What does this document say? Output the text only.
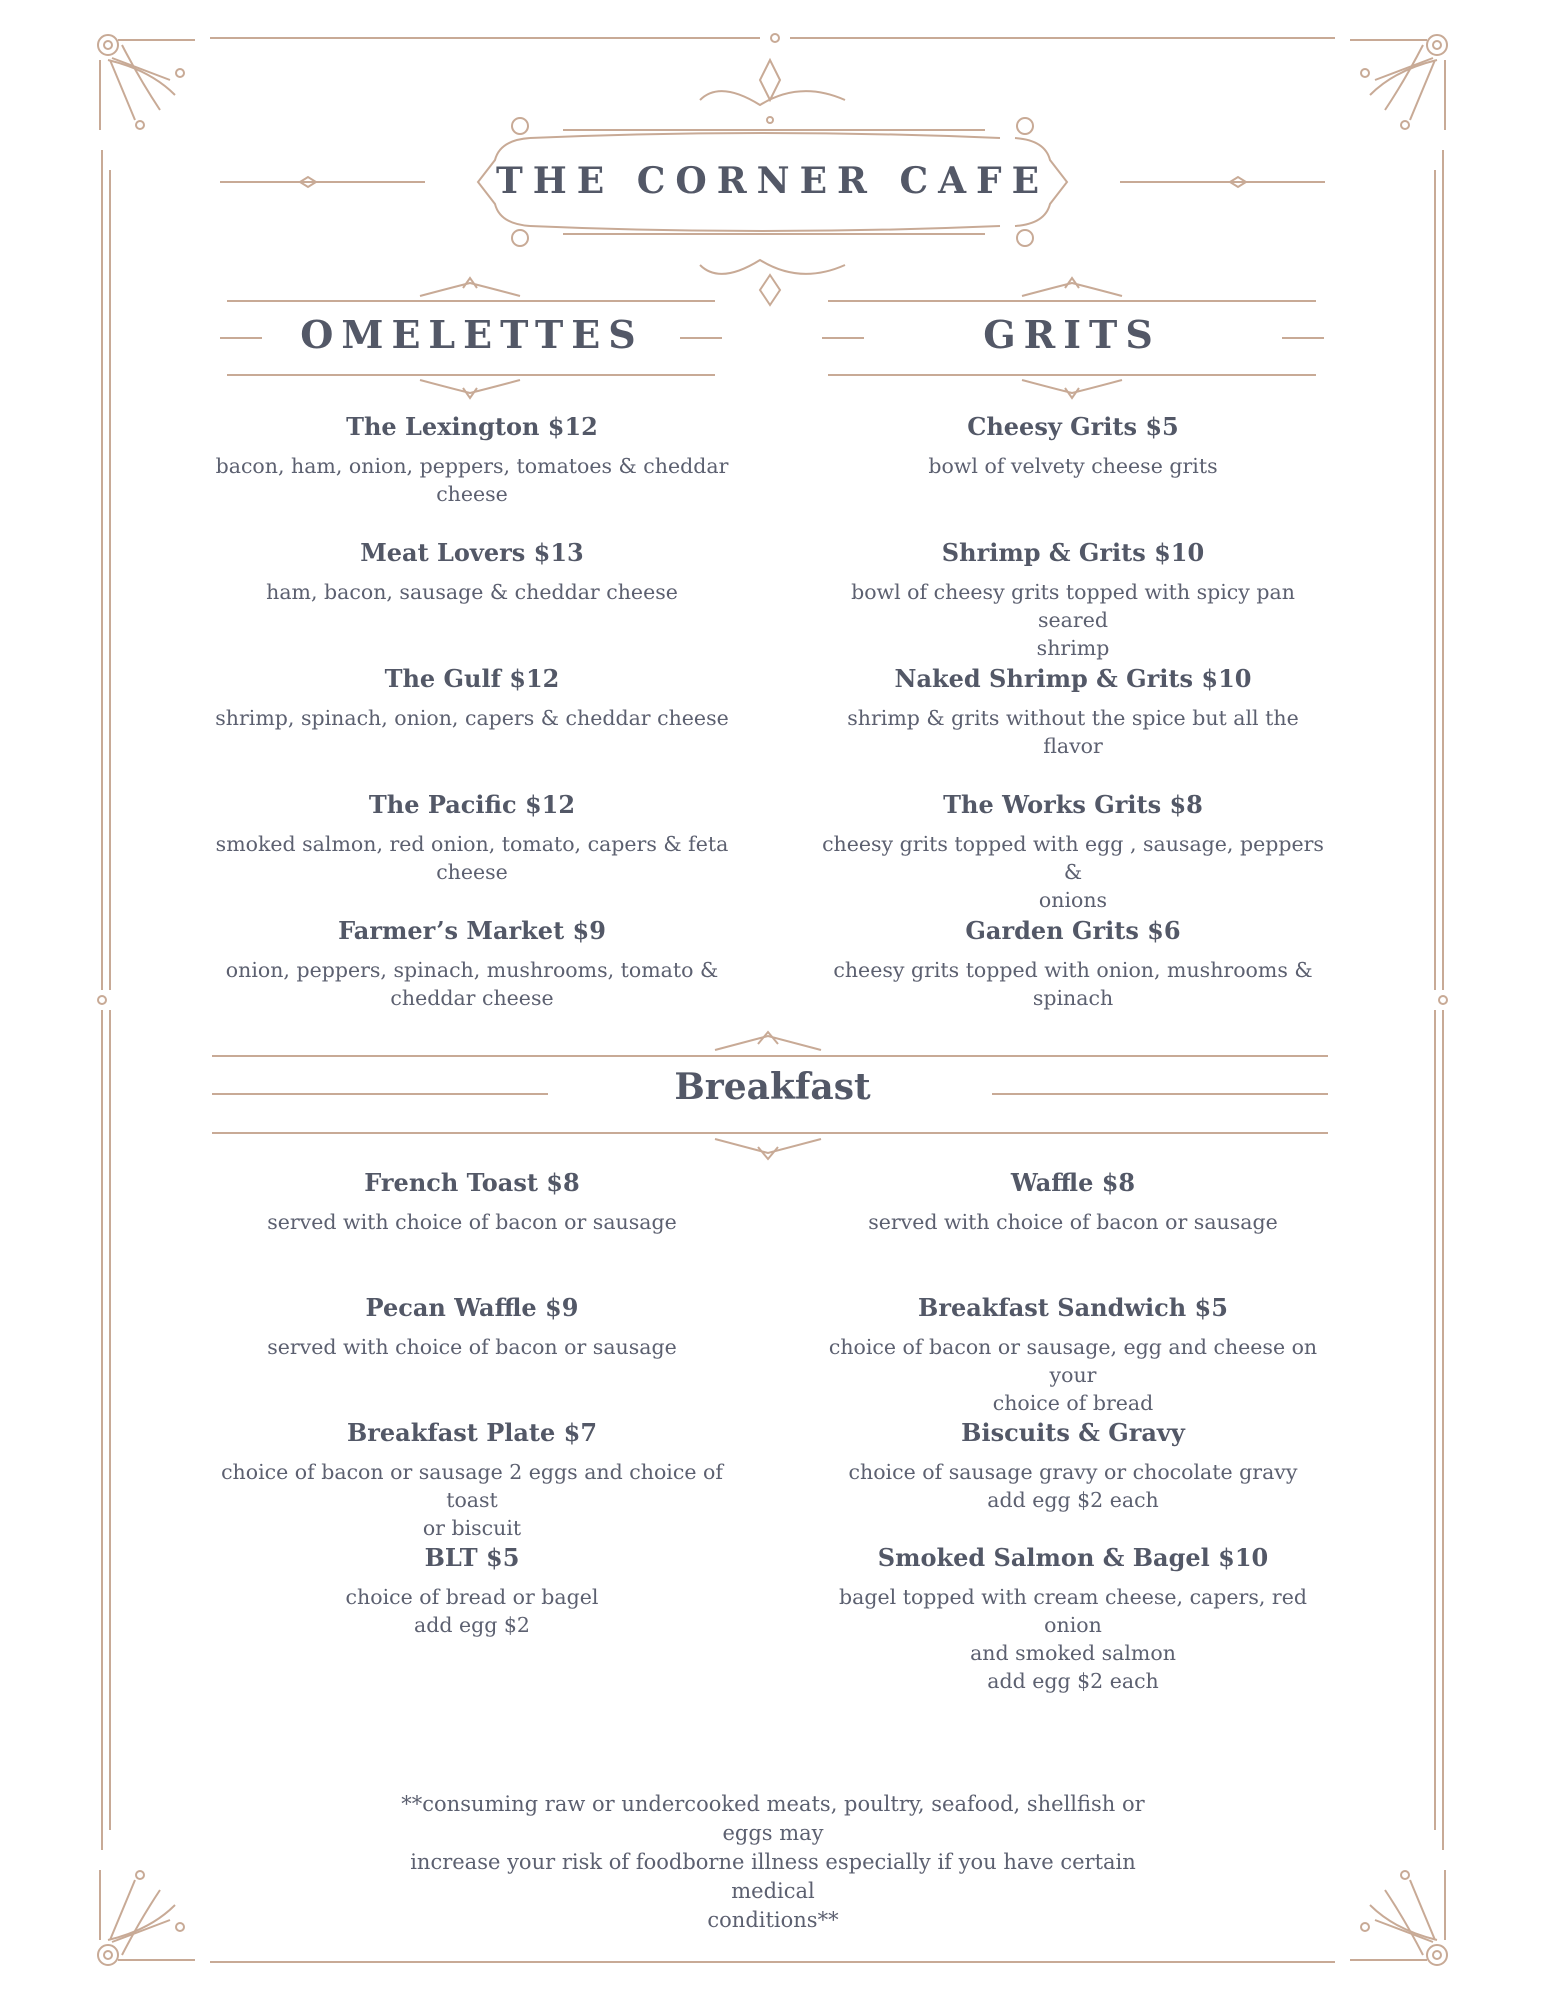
THE CORNER CAFE
OMELETTES	GRITS
The Lexington $12
bacon, ham, onion, peppers, tomatoes & cheddar
cheese
Meat Lovers $13
ham, bacon, sausage & cheddar cheese
The Gulf $12
shrimp, spinach, onion, capers & cheddar cheese
The Pacific $12
smoked salmon, red onion, tomato, capers & feta
cheese
Farmer’s Market $9
onion, peppers, spinach, mushrooms, tomato &
cheddar cheese
Cheesy Grits $5
bowl of velvety cheese grits
Shrimp & Grits $10
bowl of cheesy grits topped with spicy pan seared
shrimp
Naked Shrimp & Grits $10
shrimp & grits without the spice but all the flavor
The Works Grits $8
cheesy grits topped with egg , sausage, peppers &
onions
Garden Grits $6
cheesy grits topped with onion, mushrooms &
spinach
Breakfast
French Toast $8
served with choice of bacon or sausage
Pecan Waffle $9
served with choice of bacon or sausage
Breakfast Plate $7
choice of bacon or sausage 2 eggs and choice of toast
or biscuit
BLT $5
choice of bread or bagel
add egg $2
Waffle $8
served with choice of bacon or sausage
Breakfast Sandwich $5
choice of bacon or sausage, egg and cheese on your
choice of bread
Biscuits & Gravy
choice of sausage gravy or chocolate gravy
add egg $2 each
Smoked Salmon & Bagel $10
bagel topped with cream cheese, capers, red onion
and smoked salmon
add egg $2 each
**consuming raw or undercooked meats, poultry, seafood, shellfish or eggs may
increase your risk of foodborne illness especially if you have certain medical
conditions**
